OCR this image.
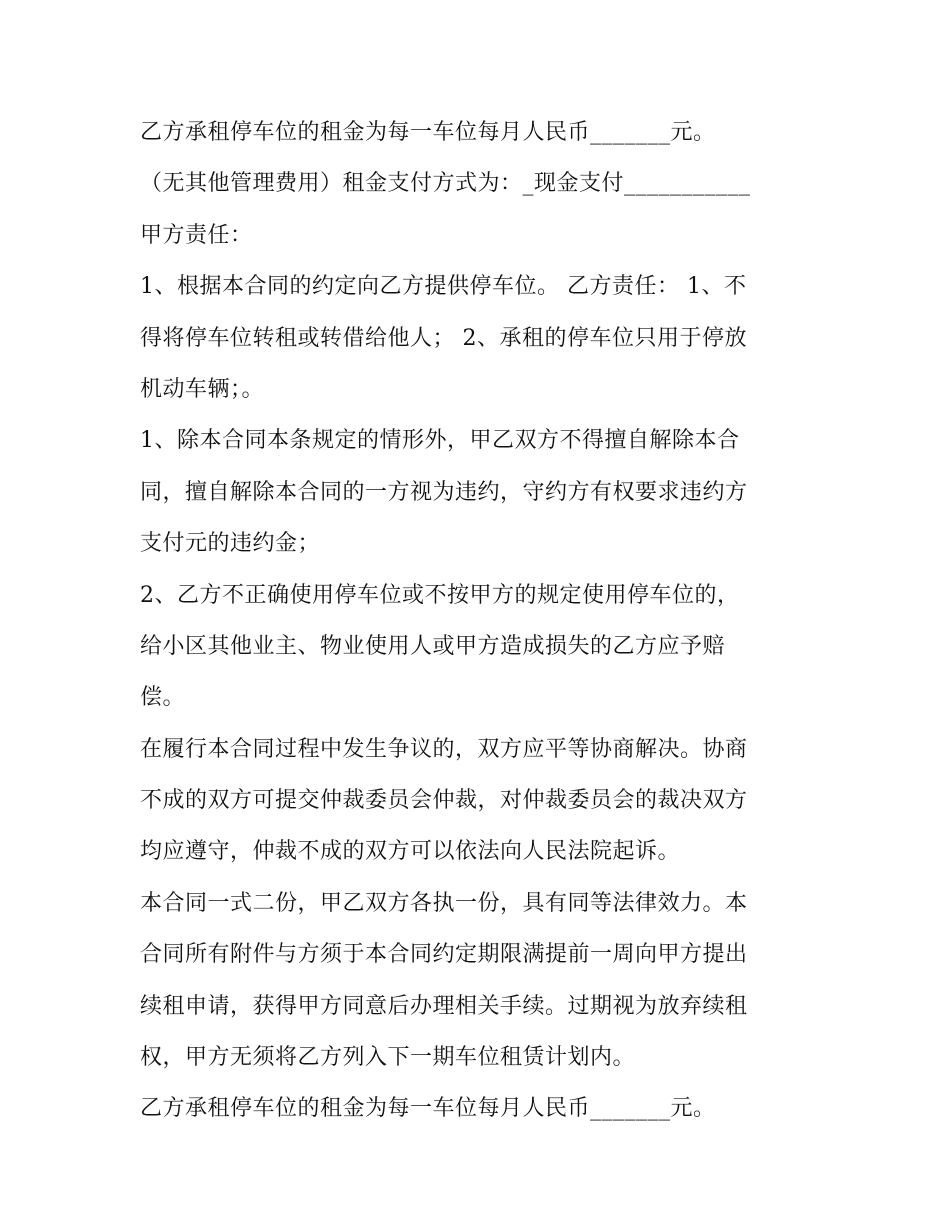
乙方承租停车位的租金为每一车位每月人民币_______元。
（无其他管理费用）租金支付方式为：_现金支付___________
甲方责任：
1、根据本合同的约定向乙方提供停车位。 乙方责任： 1、不
得将停车位转租或转借给他人； 2、承租的停车位只用于停放
机动车辆；。
1、除本合同本条规定的情形外，甲乙双方不得擅自解除本合
同，擅自解除本合同的一方视为违约，守约方有权要求违约方
支付元的违约金；
2、乙方不正确使用停车位或不按甲方的规定使用停车位的，
给小区其他业主、物业使用人或甲方造成损失的乙方应予赔
偿。
在履行本合同过程中发生争议的，双方应平等协商解决。协商
不成的双方可提交仲裁委员会仲裁，对仲裁委员会的裁决双方
均应遵守，仲裁不成的双方可以依法向人民法院起诉。
本合同一式二份，甲乙双方各执一份，具有同等法律效力。本
合同所有附件与方须于本合同约定期限满提前一周向甲方提出
续租申请，获得甲方同意后办理相关手续。过期视为放弃续租
权，甲方无须将乙方列入下一期车位租赁计划内。
乙方承租停车位的租金为每一车位每月人民币_______元。
